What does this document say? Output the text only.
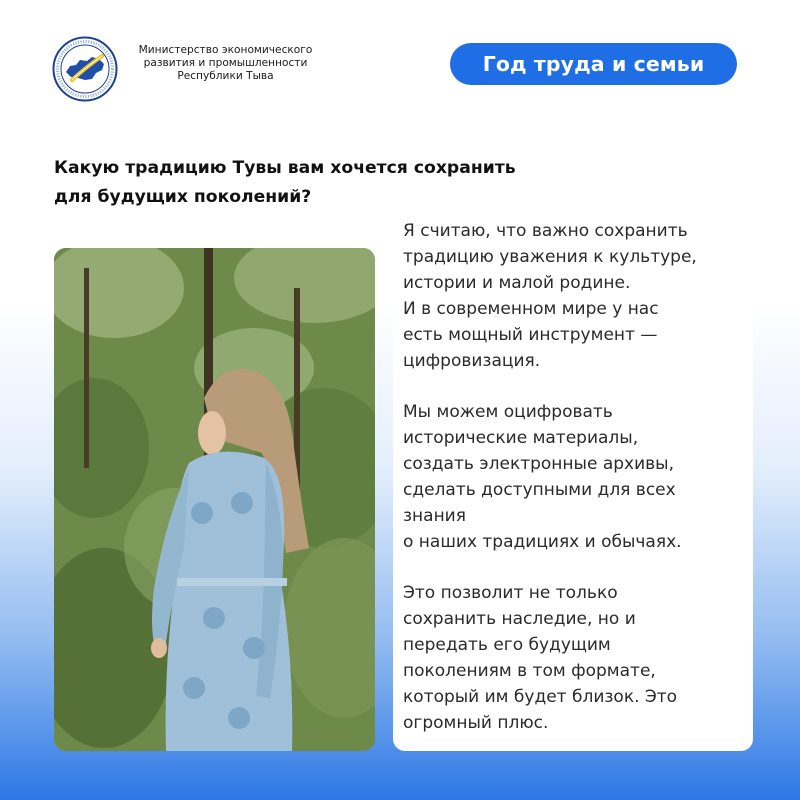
Министерство экономического
развития и промышленности
Республики Тыва	Год труда и семьи
Какую традицию Тувы вам хочется сохранить
для будущих поколений?
Я считаю, что важно сохранить
традицию уважения к культуре,
истории и малой родине.
И в современном мире у нас
есть мощный инструмент —
цифровизация.
Мы можем оцифровать
исторические материалы,
создать электронные архивы,
сделать доступными для всех
знания
о наших традициях и обычаях.
Это позволит не только
сохранить наследие, но и
передать его будущим
поколениям в том формате,
который им будет близок. Это
огромный плюс.
